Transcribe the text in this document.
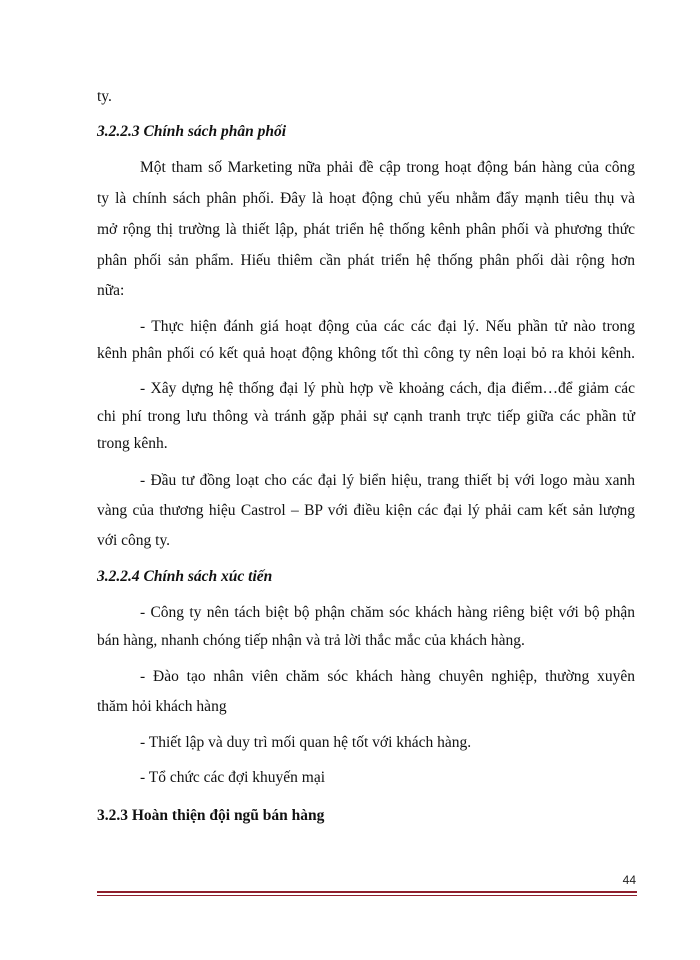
ty.
3.2.2.3 Chính sách phân phối
Một tham số Marketing nữa phải đề cập trong hoạt động bán hàng của công
ty là chính sách phân phối. Đây là hoạt động chủ yếu nhằm đẩy mạnh tiêu thụ và
mở rộng thị trường là thiết lập, phát triển hệ thống kênh phân phối và phương thức
phân phối sản phẩm. Hiếu thiêm cần phát triển hệ thống phân phối dài rộng hơn
nữa:
- Thực hiện đánh giá hoạt động của các các đại lý. Nếu phần tử nào trong
kênh phân phối có kết quả hoạt động không tốt thì công ty nên loại bỏ ra khỏi kênh.
- Xây dựng hệ thống đại lý phù hợp về khoảng cách, địa điểm…để giảm các
chi phí trong lưu thông và tránh gặp phải sự cạnh tranh trực tiếp giữa các phần tử
trong kênh.
- Đầu tư đồng loạt cho các đại lý biển hiệu, trang thiết bị với logo màu xanh
vàng của thương hiệu Castrol – BP với điều kiện các đại lý phải cam kết sản lượng
với công ty.
3.2.2.4 Chính sách xúc tiến
- Công ty nên tách biệt bộ phận chăm sóc khách hàng riêng biệt với bộ phận
bán hàng, nhanh chóng tiếp nhận và trả lời thắc mắc của khách hàng.
- Đào tạo nhân viên chăm sóc khách hàng chuyên nghiệp, thường xuyên
thăm hỏi khách hàng
- Thiết lập và duy trì mối quan hệ tốt với khách hàng.
- Tổ chức các đợi khuyến mại
3.2.3 Hoàn thiện đội ngũ bán hàng
44
